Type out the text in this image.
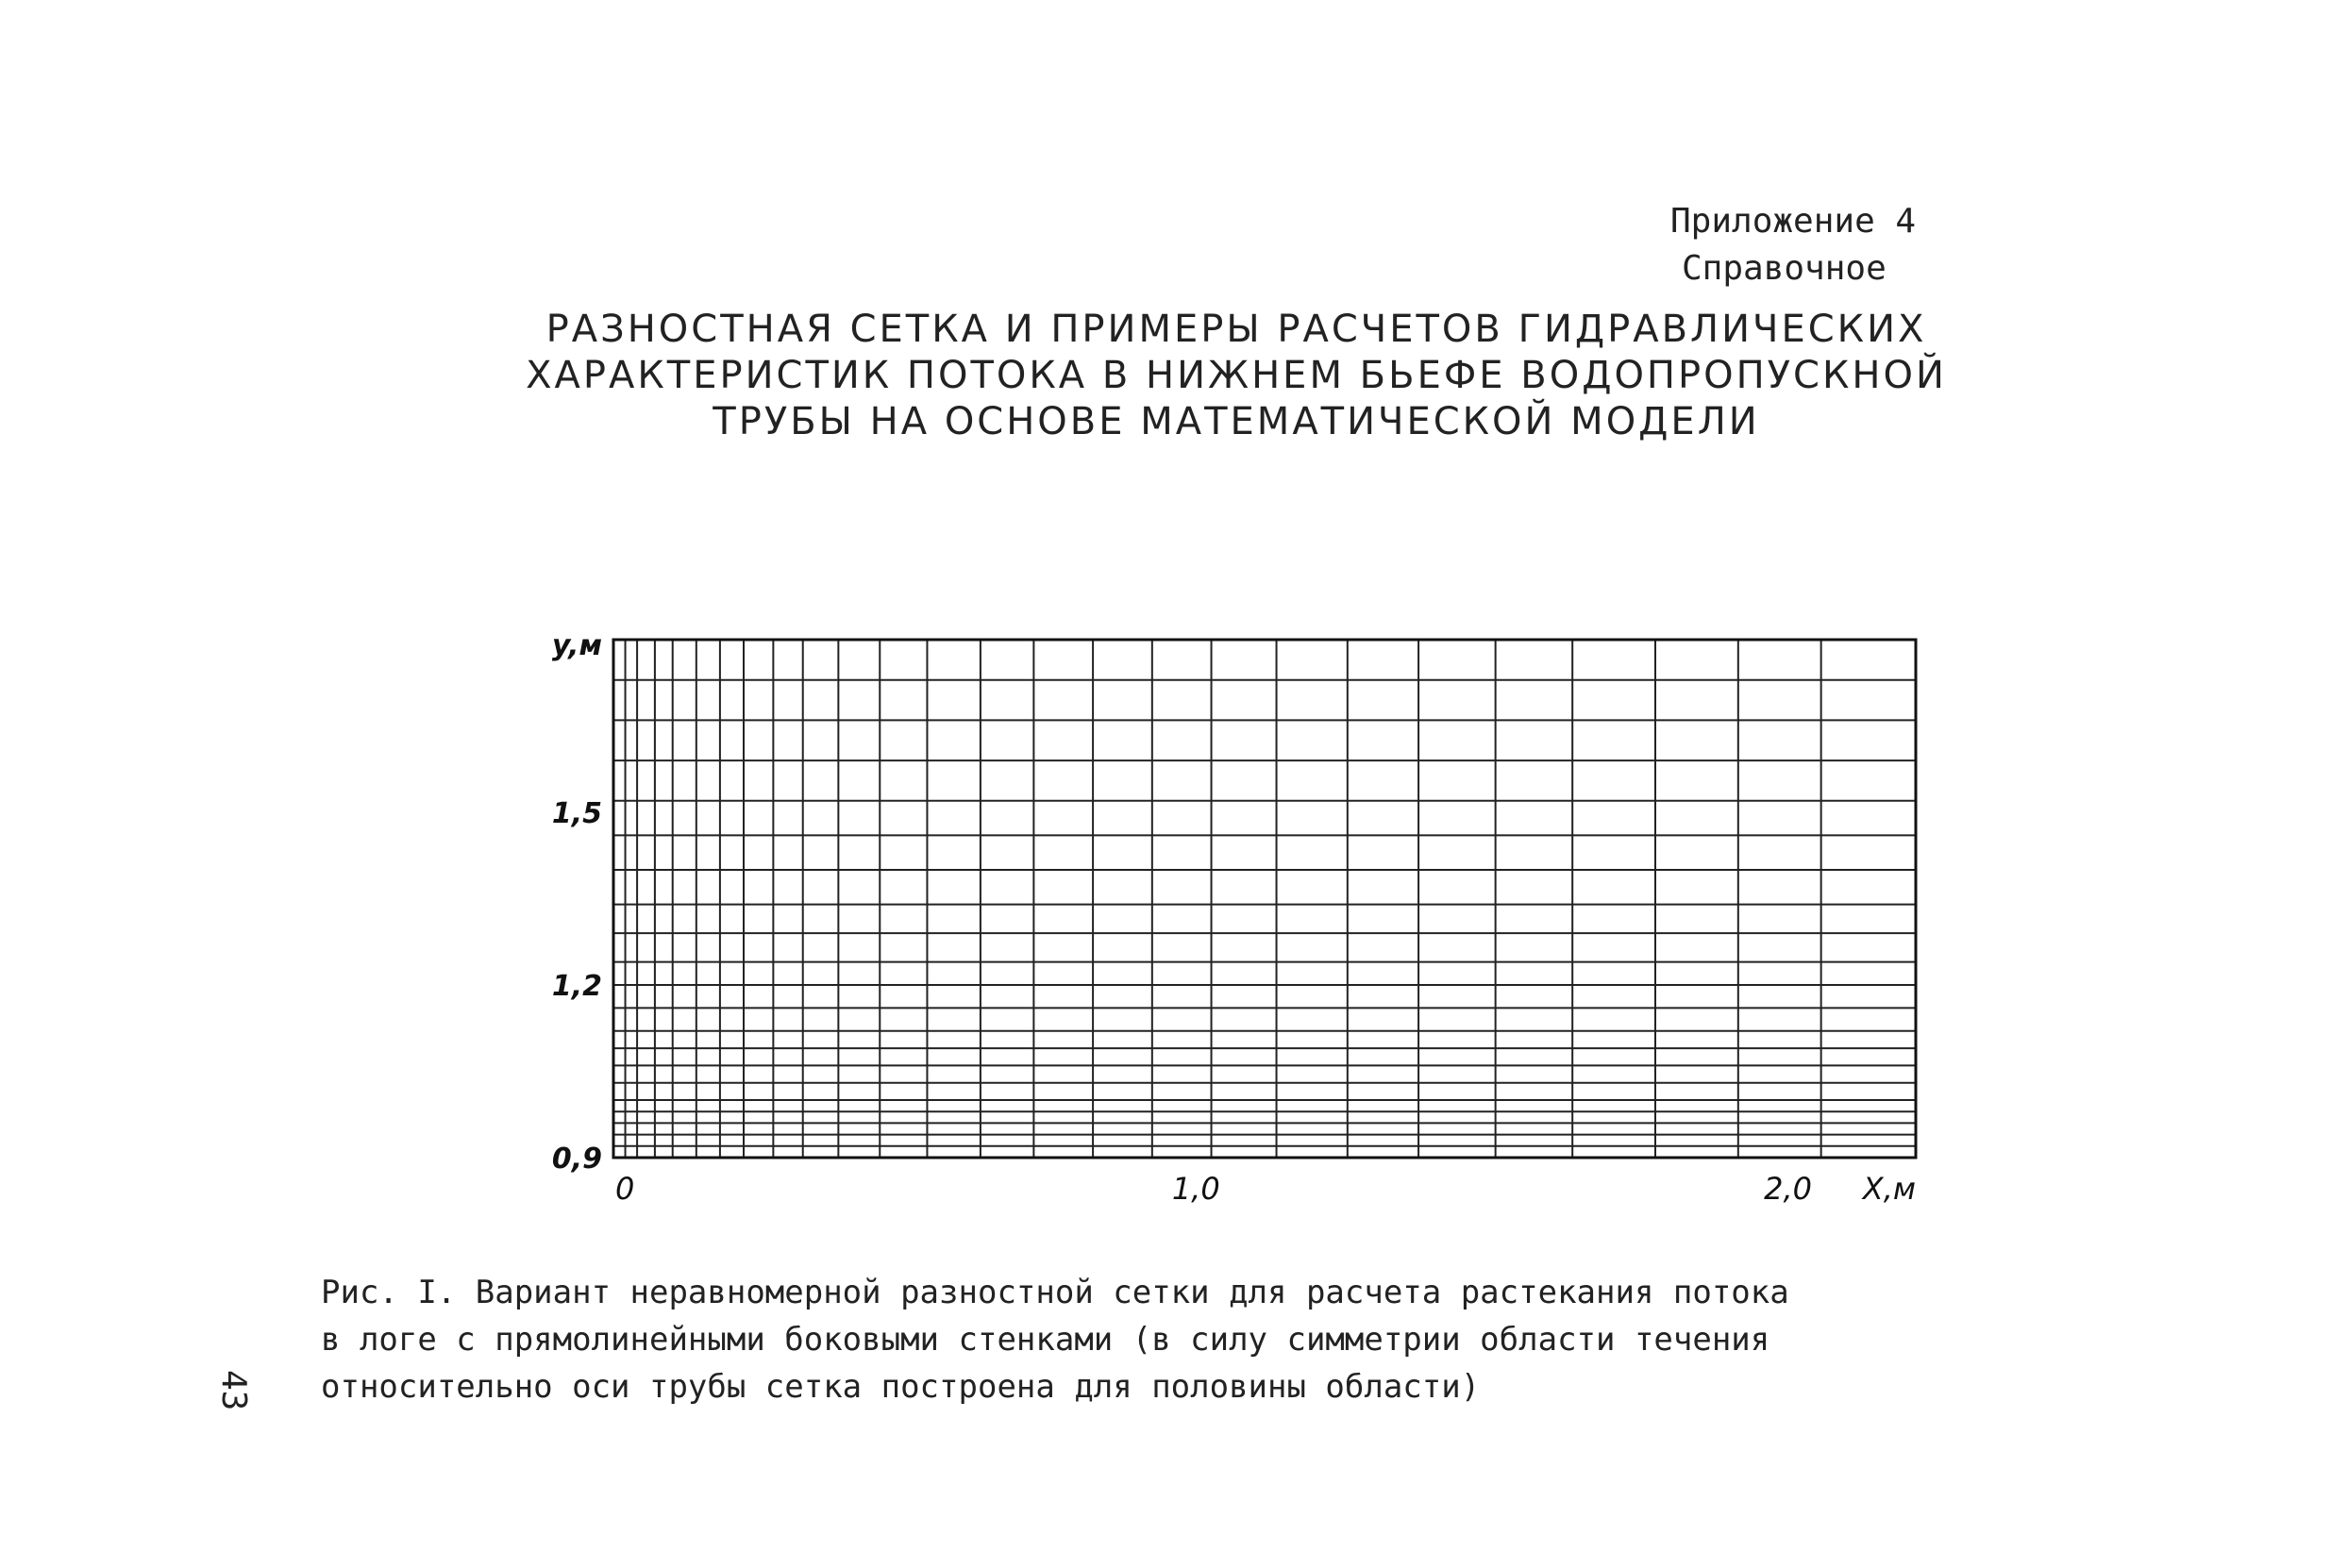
Приложение 4
Справочное
РАЗНОСТНАЯ СЕТКА И ПРИМЕРЫ РАСЧЕТОВ ГИДРАВЛИЧЕСКИХ
ХАРАКТЕРИСТИК ПОТОКА В НИЖНЕМ БЬЕФЕ ВОДОПРОПУСКНОЙ
ТРУБЫ НА ОСНОВЕ МАТЕМАТИЧЕСКОЙ МОДЕЛИ
y,м
X,м
1,5
1,2
0,9
0	1,0	2,0
Рис. I. Вариант неравномерной разностной сетки для расчета растекания потока
в логе с прямолинейными боковыми стенками (в силу симметрии области течения
относительно оси трубы сетка построена для половины области)
43
